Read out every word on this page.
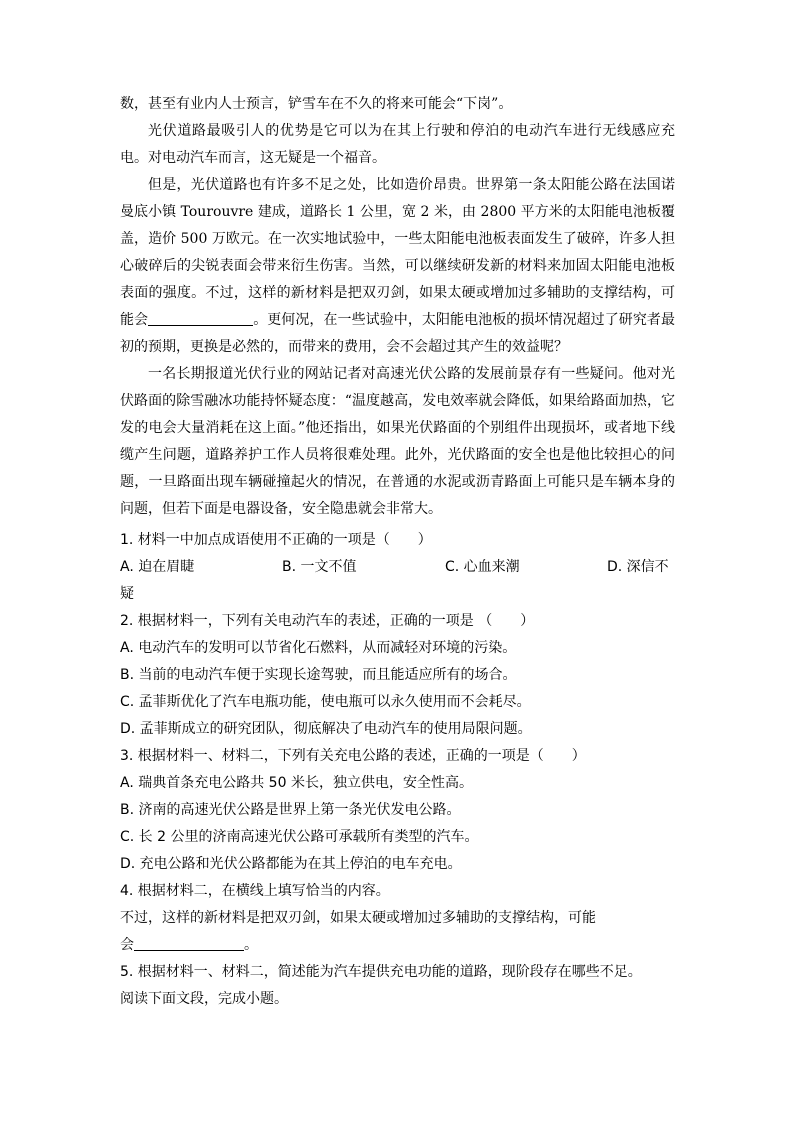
数，甚至有业内人士预言，铲雪车在不久的将来可能会“下岗”。

光伏道路最吸引人的优势是它可以为在其上行驶和停泊的电动汽车进行无线感应充电。对电动汽车而言，这无疑是一个福音。

但是，光伏道路也有许多不足之处，比如造价昂贵。世界第一条太阳能公路在法国诺曼底小镇 Tourouvre 建成，道路长 1 公里，宽 2 米，由 2800 平方米的太阳能电池板覆盖，造价 500 万欧元。在一次实地试验中，一些太阳能电池板表面发生了破碎，许多人担心破碎后的尖锐表面会带来衍生伤害。当然，可以继续研发新的材料来加固太阳能电池板表面的强度。不过，这样的新材料是把双刃剑，如果太硬或增加过多辅助的支撑结构，可能会	。更何况，在一些试验中，太阳能电池板的损坏情况超过了研究者最初的预期，更换是必然的，而带来的费用，会不会超过其产生的效益呢？

一名长期报道光伏行业的网站记者对高速光伏公路的发展前景存有一些疑问。他对光伏路面的除雪融冰功能持怀疑态度：“温度越高，发电效率就会降低，如果给路面加热，它发的电会大量消耗在这上面。”他还指出，如果光伏路面的个别组件出现损坏，或者地下线缆产生问题，道路养护工作人员将很难处理。此外，光伏路面的安全也是他比较担心的问题，一旦路面出现车辆碰撞起火的情况，在普通的水泥或沥青路面上可能只是车辆本身的问题，但若下面是电器设备，安全隐患就会非常大。

1. 材料一中加点成语使用不正确的一项是（　　）
A. 迫在眉睫	B. 一文不值	C. 心血来潮	D. 深信不
疑
2. 根据材料一，下列有关电动汽车的表述，正确的一项是 （　　）
A. 电动汽车的发明可以节省化石燃料，从而减轻对环境的污染。
B. 当前的电动汽车便于实现长途驾驶，而且能适应所有的场合。
C. 孟菲斯优化了汽车电瓶功能，使电瓶可以永久使用而不会耗尽。
D. 孟菲斯成立的研究团队，彻底解决了电动汽车的使用局限问题。
3. 根据材料一、材料二，下列有关充电公路的表述，正确的一项是（　　）
A. 瑞典首条充电公路共 50 米长，独立供电，安全性高。
B. 济南的高速光伏公路是世界上第一条光伏发电公路。
C. 长 2 公里的济南高速光伏公路可承载所有类型的汽车。
D. 充电公路和光伏公路都能为在其上停泊的电车充电。
4. 根据材料二，在横线上填写恰当的内容。
不过，这样的新材料是把双刃剑，如果太硬或增加过多辅助的支撑结构，可能
会	。
5. 根据材料一、材料二，简述能为汽车提供充电功能的道路，现阶段存在哪些不足。
阅读下面文段，完成小题。
